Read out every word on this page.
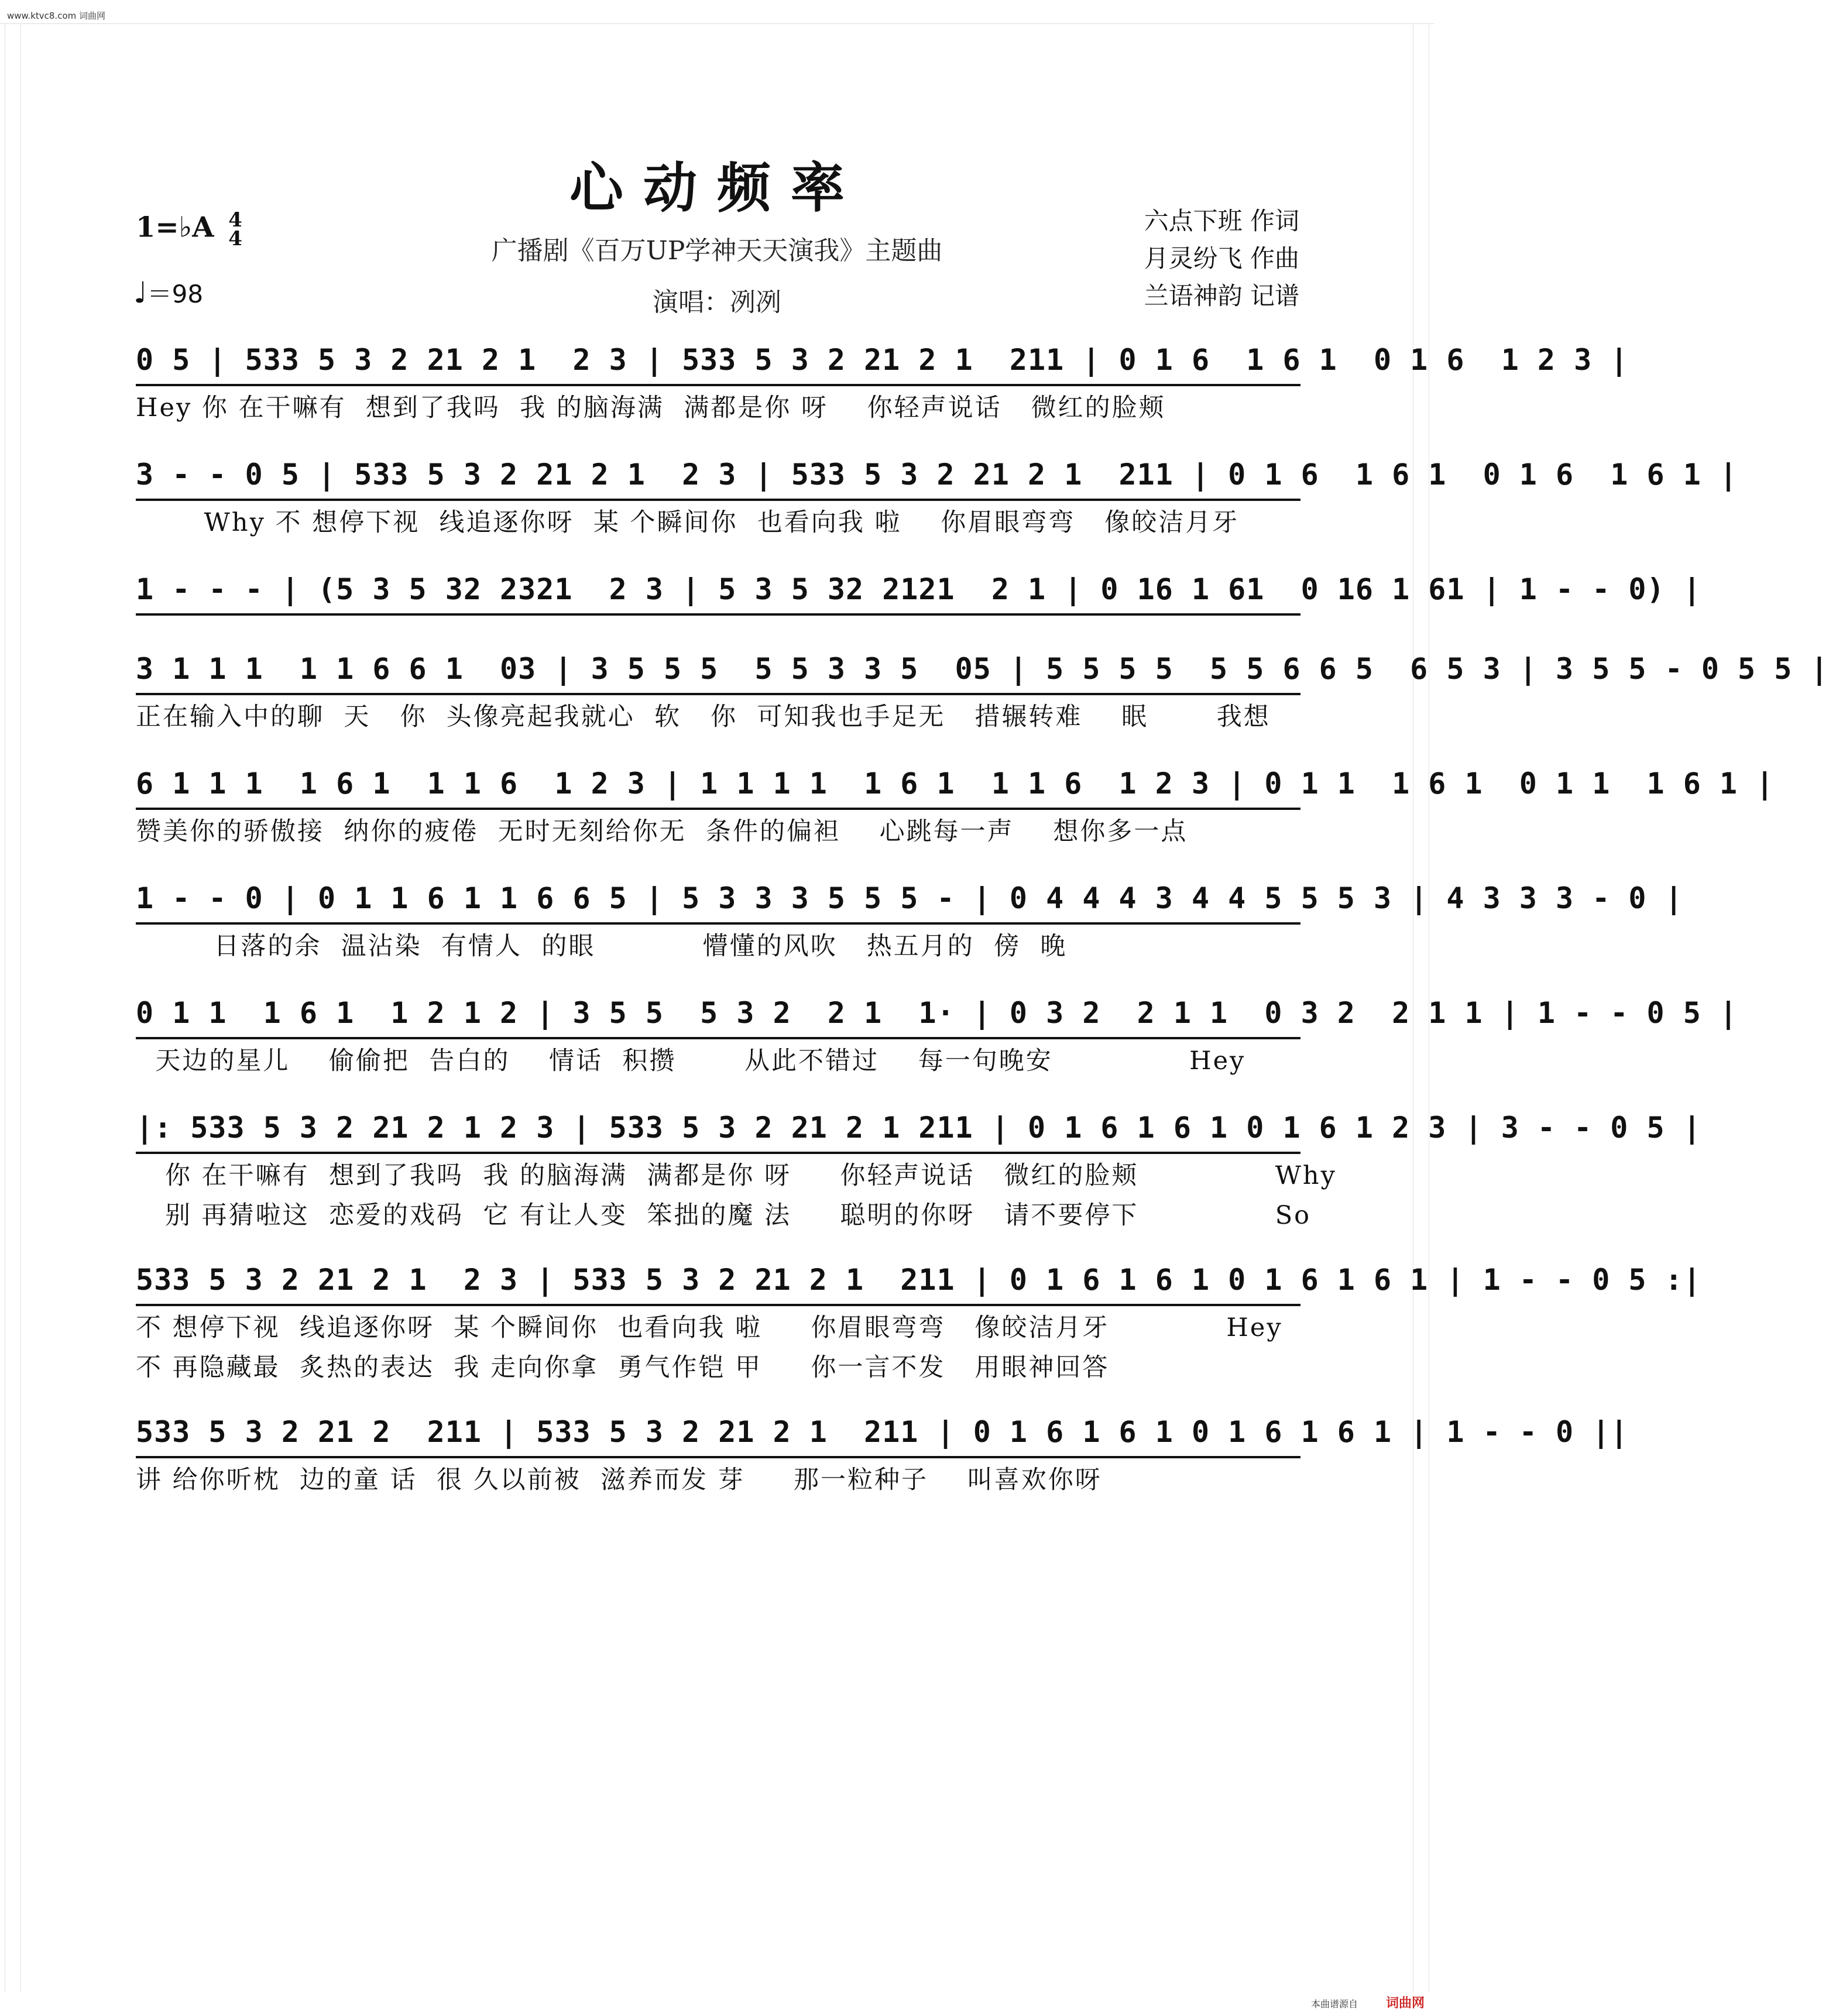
www.ktvc8.com 词曲网
心动频率
广播剧《百万UP学神天天演我》主题曲
演唱：冽冽
1=♭A 4
4
♩＝98
六点下班 作词
月灵纷飞 作曲
兰语神韵 记谱
0 5 | 533 5 3 2 21 2 1  2 3 | 533 5 3 2 21 2 1  211 | 0 1 6  1 6 1  0 1 6  1 2 3 |
Hey 你 在干嘛有  想到了我吗  我 的脑海满  满都是你 呀    你轻声说话   微红的脸颊
3 - - 0 5 | 533 5 3 2 21 2 1  2 3 | 533 5 3 2 21 2 1  211 | 0 1 6  1 6 1  0 1 6  1 6 1 |
Why 不 想停下视  线追逐你呀  某 个瞬间你  也看向我 啦    你眉眼弯弯   像皎洁月牙
1 - - - | (5 3 5 32 2321  2 3 | 5 3 5 32 2121  2 1 | 0 16 1 61  0 16 1 61 | 1 - - 0) |
3 1 1 1  1 1 6 6 1  03 | 3 5 5 5  5 5 3 3 5  05 | 5 5 5 5  5 5 6 6 5  6 5 3 | 3 5 5 - 0 5 5 |
正在输入中的聊  天   你  头像亮起我就心  软   你  可知我也手足无   措辗转难    眠       我想
6 1 1 1  1 6 1  1 1 6  1 2 3 | 1 1 1 1  1 6 1  1 1 6  1 2 3 | 0 1 1  1 6 1  0 1 1  1 6 1 |
赞美你的骄傲接  纳你的疲倦  无时无刻给你无  条件的偏袒    心跳每一声    想你多一点
1 - - 0 | 0 1 1 6 1 1 6 6 5 | 5 3 3 3 5 5 5 - | 0 4 4 4 3 4 4 5 5 5 3 | 4 3 3 3 - 0 |
日落的余  温沾染  有情人  的眼           懵懂的风吹   热五月的  傍  晚
0 1 1  1 6 1  1 2 1 2 | 3 5 5  5 3 2  2 1  1· | 0 3 2  2 1 1  0 3 2  2 1 1 | 1 - - 0 5 |
天边的星儿    偷偷把  告白的    情话  积攒       从此不错过    每一句晚安              Hey
|: 533 5 3 2 21 2 1 2 3 | 533 5 3 2 21 2 1 211 | 0 1 6 1 6 1 0 1 6 1 2 3 | 3 - - 0 5 |
你 在干嘛有  想到了我吗  我 的脑海满  满都是你 呀     你轻声说话   微红的脸颊              Why
别 再猜啦这  恋爱的戏码  它 有让人变  笨拙的魔 法     聪明的你呀   请不要停下              So
533 5 3 2 21 2 1  2 3 | 533 5 3 2 21 2 1  211 | 0 1 6 1 6 1 0 1 6 1 6 1 | 1 - - 0 5 :|
不 想停下视  线追逐你呀  某 个瞬间你  也看向我 啦     你眉眼弯弯   像皎洁月牙            Hey
不 再隐藏最  炙热的表达  我 走向你拿  勇气作铠 甲     你一言不发   用眼神回答
533 5 3 2 21 2  211 | 533 5 3 2 21 2 1  211 | 0 1 6 1 6 1 0 1 6 1 6 1 | 1 - - 0 ||
讲 给你听枕  边的童 话  很 久以前被  滋养而发 芽     那一粒种子    叫喜欢你呀
本曲谱源自 词曲网
